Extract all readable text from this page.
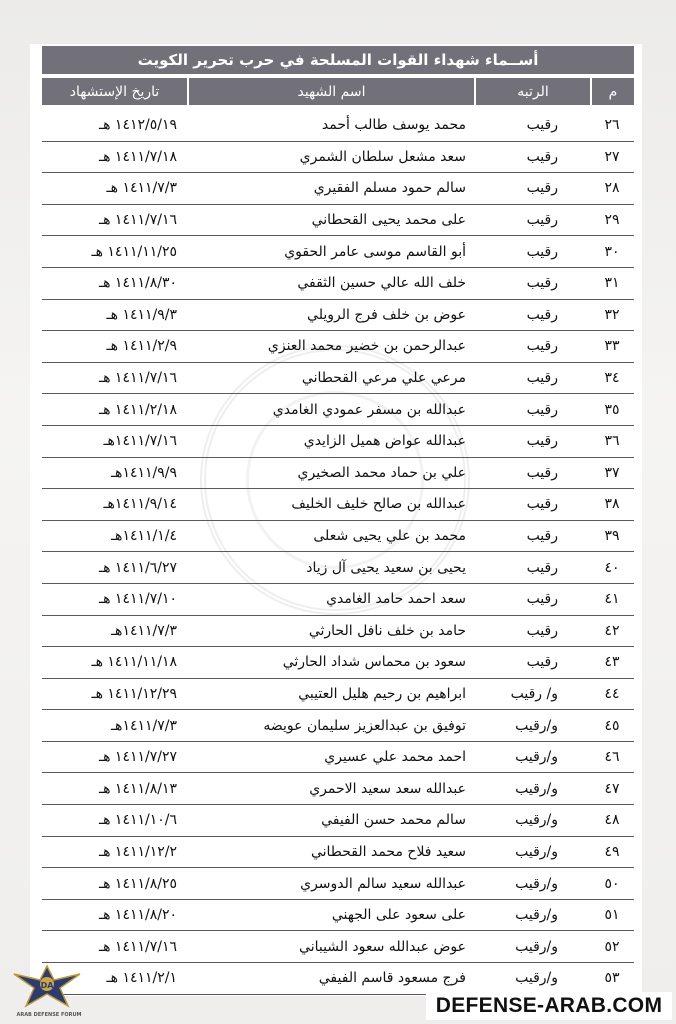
أســماء شهداء القوات المسلحة في حرب تحرير الكويت
م
الرتبه
اسم الشهيد
تاريخ الإستشهاد
٢٦
رقيب
محمد يوسف طالب أحمد
١٤١٢/٥/١٩ هـ
٢٧
رقيب
سعد مشعل سلطان الشمري
١٤١١/٧/١٨ هـ
٢٨
رقيب
سالم حمود مسلم الفقيري
١٤١١/٧/٣ هـ
٢٩
رقيب
على محمد يحيى القحطاني
١٤١١/٧/١٦ هـ
٣٠
رقيب
أبو القاسم موسى عامر الحقوي
١٤١١/١١/٢٥ هـ
٣١
رقيب
خلف الله عالي حسين الثقفي
١٤١١/٨/٣٠ هـ
٣٢
رقيب
عوض بن خلف فرج الرويلي
١٤١١/٩/٣ هـ
٣٣
رقيب
عبدالرحمن بن خضير محمد العنزي
١٤١١/٢/٩ هـ
٣٤
رقيب
مرعي علي مرعي القحطاني
١٤١١/٧/١٦ هـ
٣٥
رقيب
عبدالله بن مسفر عمودي الغامدي
١٤١١/٢/١٨ هـ
٣٦
رقيب
عبدالله عواض هميل الزايدي
١٤١١/٧/١٦هـ
٣٧
رقيب
علي بن حماد محمد الصخيري
١٤١١/٩/٩هـ
٣٨
رقيب
عبدالله بن صالح خليف الخليف
١٤١١/٩/١٤هـ
٣٩
رقيب
محمد بن علي يحيى شعلى
١٤١١/١/٤هـ
٤٠
رقيب
يحيى بن سعيد يحيى آل زياد
١٤١١/٦/٢٧ هـ
٤١
رقيب
سعد احمد حامد الغامدي
١٤١١/٧/١٠ هـ
٤٢
رقيب
حامد بن خلف نافل الحارثي
١٤١١/٧/٣هـ
٤٣
رقيب
سعود بن محماس شداد الحارثي
١٤١١/١١/١٨ هـ
٤٤
و/ رقيب
ابراهيم بن رحيم هليل العتيبي
١٤١١/١٢/٢٩ هـ
٤٥
و/رقيب
توفيق بن عبدالعزيز سليمان عويضه
١٤١١/٧/٣هـ
٤٦
و/رقيب
احمد محمد علي عسيري
١٤١١/٧/٢٧ هـ
٤٧
و/رقيب
عبدالله سعد سعيد الاحمري
١٤١١/٨/١٣ هـ
٤٨
و/رقيب
سالم محمد حسن الفيفي
١٤١١/١٠/٦ هـ
٤٩
و/رقيب
سعيد فلاح محمد القحطاني
١٤١١/١٢/٢ هـ
٥٠
و/رقيب
عبدالله سعيد سالم الدوسري
١٤١١/٨/٢٥ هـ
٥١
و/رقيب
على سعود على الجهني
١٤١١/٨/٢٠ هـ
٥٢
و/رقيب
عوض عبدالله سعود الشيباني
١٤١١/٧/١٦ هـ
٥٣
و/رقيب
فرج مسعود قاسم الفيفي
١٤١١/٢/١ هـ
DA
ARAB DEFENSE FORUM	DEFENSE-ARAB.COM
